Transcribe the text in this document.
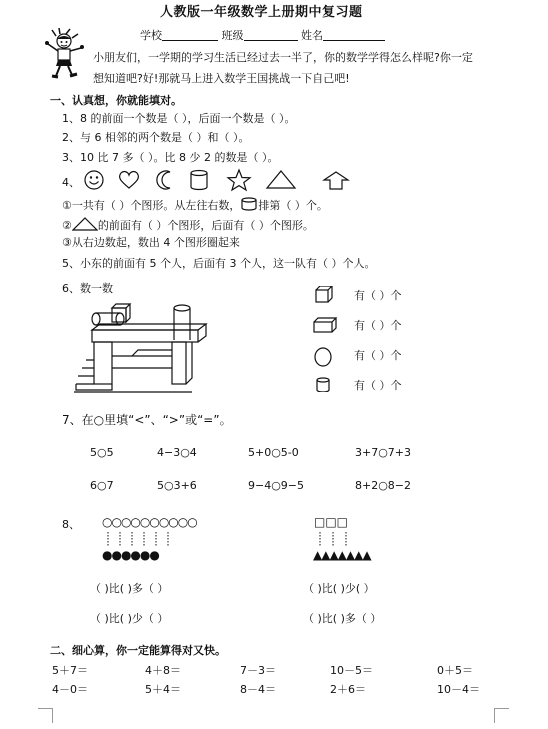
人教版一年级数学上册期中复习题
学校	班级	姓名
小朋友们，一学期的学习生活已经过去一半了，你的数学学得怎么样呢?你一定
想知道吧?好!那就马上进入数学王国挑战一下自己吧!
一、认真想，你就能填对。
1、8 的前面一个数是（ ），后面一个数是（ ）。
2、与 6 相邻的两个数是（ ）和（ ）。
3、10 比 7 多（ ）。比 8 少 2 的数是（ ）。
4、
①一共有（ ）个图形。从左往右数， 排第（ ）个。
② 的前面有（ ）个图形，后面有（ ）个图形。
③从右边数起，数出 4 个图形圈起来
5、小东的前面有 5 个人，后面有 3 个人，这一队有（ ）个人。
6、数一数
有（ ）个
有（ ）个
有（ ）个
有（ ）个
7、在○里填“<”、“>”或“=”。
5○5	4−3○4	5+0○5-0	3+7○7+3
6○7	5○3+6	9−4○9−5	8+2○8−2
8、 ○○○○○○○○○○
●●●●●●
□□□
▲▲▲▲▲▲▲
（ )比( )多（ ）
（ )比( )少（ ）
（ )比( )少( ）
（ )比( )多（ ）
二、细心算，你一定能算得对又快。
5＋7＝	4＋8＝	7－3＝	10－5＝	0＋5＝
4－0＝	5＋4＝	8－4＝	2＋6＝	10－4＝
